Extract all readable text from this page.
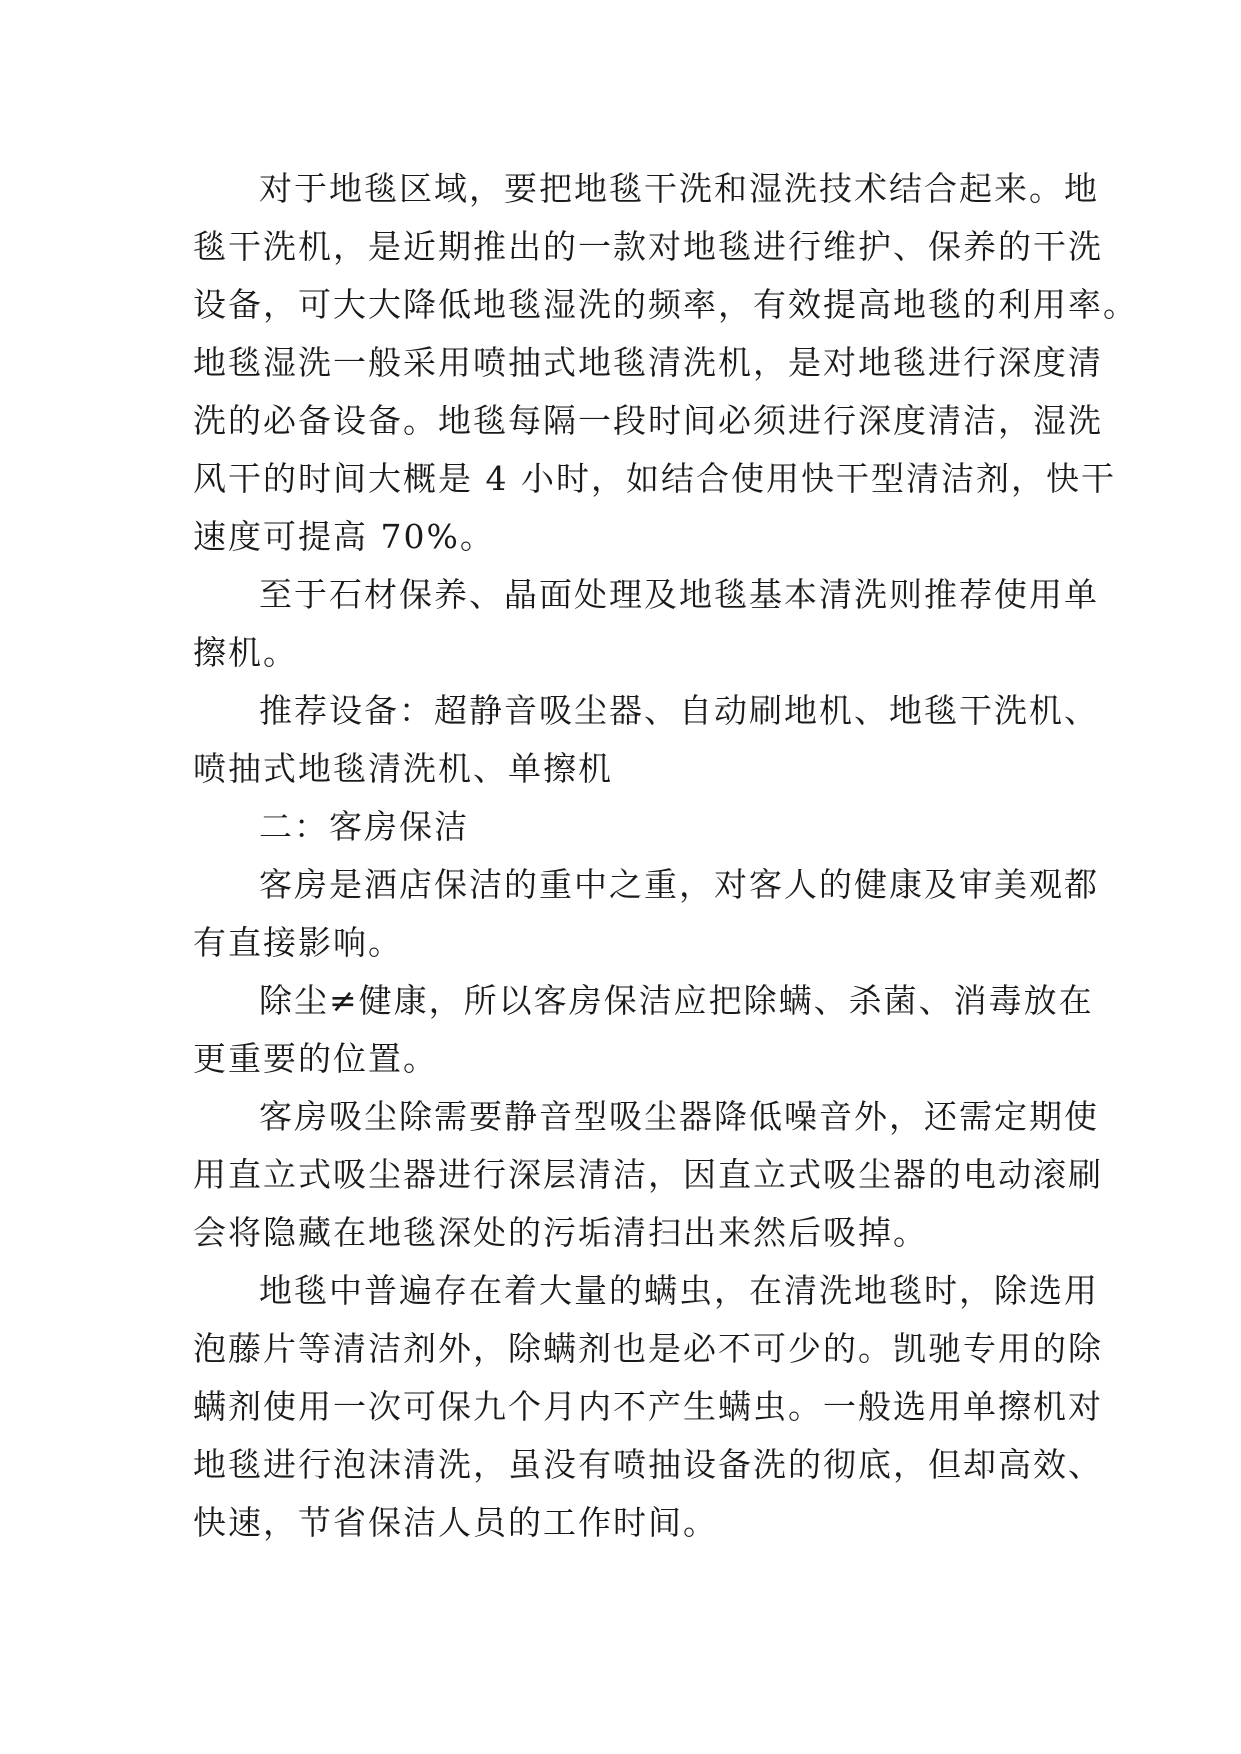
对于地毯区域，要把地毯干洗和湿洗技术结合起来。地
毯干洗机，是近期推出的一款对地毯进行维护、保养的干洗
设备，可大大降低地毯湿洗的频率，有效提高地毯的利用率。
地毯湿洗一般采用喷抽式地毯清洗机，是对地毯进行深度清
洗的必备设备。地毯每隔一段时间必须进行深度清洁，湿洗
风干的时间大概是 4 小时，如结合使用快干型清洁剂，快干
速度可提高 70%。
至于石材保养、晶面处理及地毯基本清洗则推荐使用单
擦机。
推荐设备：超静音吸尘器、自动刷地机、地毯干洗机、
喷抽式地毯清洗机、单擦机
二：客房保洁
客房是酒店保洁的重中之重，对客人的健康及审美观都
有直接影响。
除尘≠健康，所以客房保洁应把除螨、杀菌、消毒放在
更重要的位置。
客房吸尘除需要静音型吸尘器降低噪音外，还需定期使
用直立式吸尘器进行深层清洁，因直立式吸尘器的电动滚刷
会将隐藏在地毯深处的污垢清扫出来然后吸掉。
地毯中普遍存在着大量的螨虫，在清洗地毯时，除选用
泡藤片等清洁剂外，除螨剂也是必不可少的。凯驰专用的除
螨剂使用一次可保九个月内不产生螨虫。一般选用单擦机对
地毯进行泡沫清洗，虽没有喷抽设备洗的彻底，但却高效、
快速，节省保洁人员的工作时间。
